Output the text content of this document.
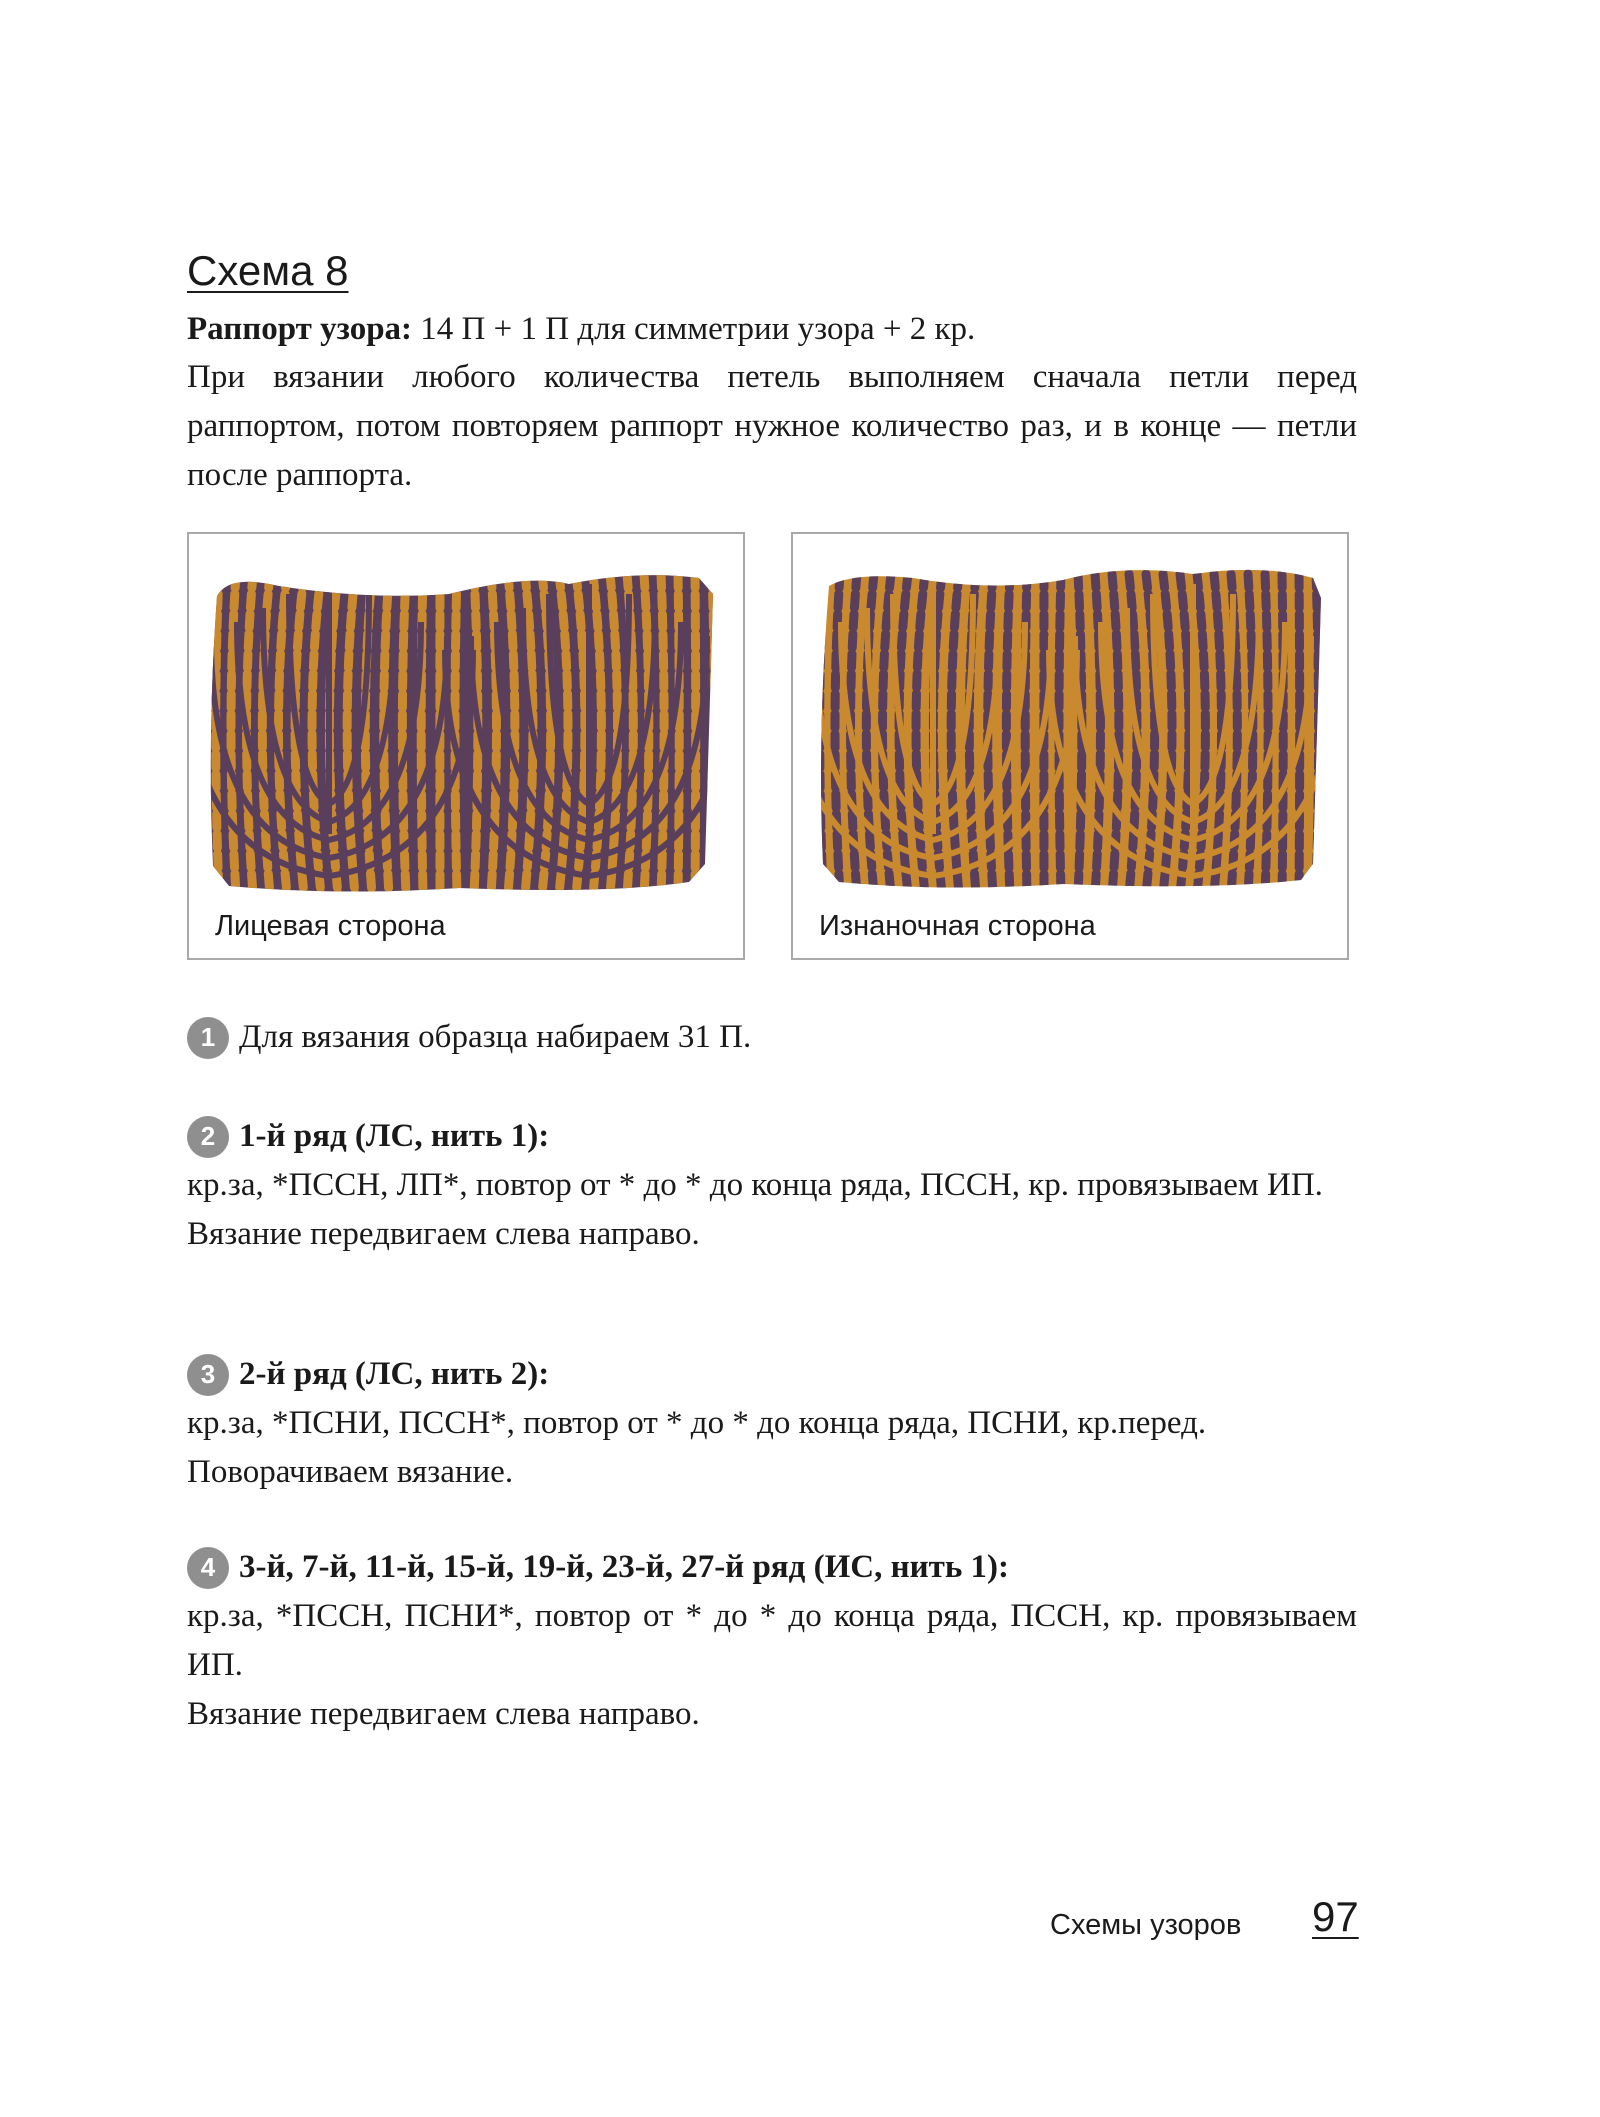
Схема 8

Раппорт узора: 14 П + 1 П для симметрии узора + 2 кр.

При вязании любого количества петель выполняем сначала петли перед раппортом, потом повторяем раппорт нужное количество раз, и в конце — петли после раппорта.

Лицевая сторона	Изнаночная сторона
1 Для вязания образца набираем 31 П.
2 1-й ряд (ЛС, нить 1):

кр.за, *ПССН, ЛП*, повтор от * до * до конца ряда, ПССН, кр. провязываем ИП.

Вязание передвигаем слева направо.

3 2-й ряд (ЛС, нить 2):

кр.за, *ПСНИ, ПССН*, повтор от * до * до конца ряда, ПСНИ, кр.перед.

Поворачиваем вязание.

4 3-й, 7-й, 11-й, 15-й, 19-й, 23-й, 27-й ряд (ИС, нить 1):

кр.за, *ПССН, ПСНИ*, повтор от * до * до конца ряда, ПССН, кр. провязываем ИП.

Вязание передвигаем слева направо.

Схемы узоров 97
